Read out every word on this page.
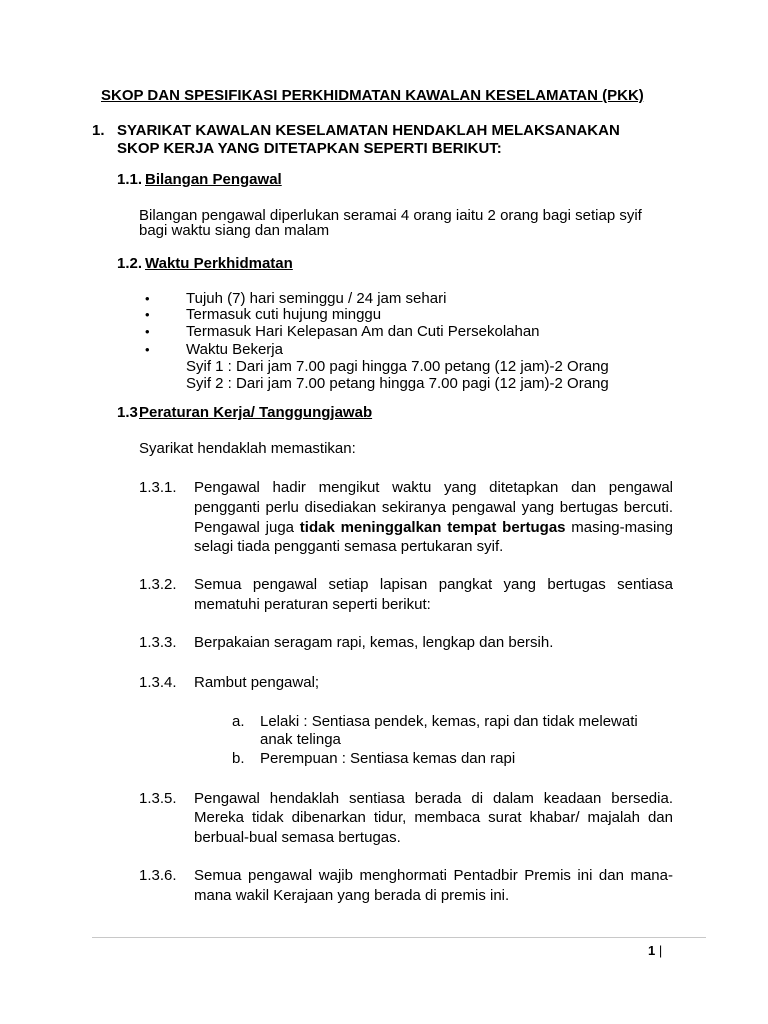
SKOP DAN SPESIFIKASI PERKHIDMATAN KAWALAN KESELAMATAN (PKK)
1. SYARIKAT KAWALAN KESELAMATAN HENDAKLAH MELAKSANAKAN
SKOP KERJA YANG DITETAPKAN SEPERTI BERIKUT:
1.1. Bilangan Pengawal
Bilangan pengawal diperlukan seramai 4 orang iaitu 2 orang bagi setiap syif
bagi waktu siang dan malam
1.2. Waktu Perkhidmatan
• Tujuh (7) hari seminggu / 24 jam sehari
• Termasuk cuti hujung minggu
• Termasuk Hari Kelepasan Am dan Cuti Persekolahan
• Waktu Bekerja
Syif 1 : Dari jam 7.00 pagi hingga 7.00 petang (12 jam)-2 Orang
Syif 2 : Dari jam 7.00 petang hingga 7.00 pagi (12 jam)-2 Orang
1.3 Peraturan Kerja/ Tanggungjawab
Syarikat hendaklah memastikan:
1.3.1. Pengawal hadir mengikut waktu yang ditetapkan dan pengawal
pengganti perlu disediakan sekiranya pengawal yang bertugas bercuti.
Pengawal juga tidak meninggalkan tempat bertugas masing-masing
selagi tiada pengganti semasa pertukaran syif.
1.3.2. Semua pengawal setiap lapisan pangkat yang bertugas sentiasa
mematuhi peraturan seperti berikut:
1.3.3. Berpakaian seragam rapi, kemas, lengkap dan bersih.
1.3.4. Rambut pengawal;
a. Lelaki : Sentiasa pendek, kemas, rapi dan tidak melewati
anak telinga
b. Perempuan : Sentiasa kemas dan rapi
1.3.5. Pengawal hendaklah sentiasa berada di dalam keadaan bersedia.
Mereka tidak dibenarkan tidur, membaca surat khabar/ majalah dan
berbual-bual semasa bertugas.
1.3.6. Semua pengawal wajib menghormati Pentadbir Premis ini dan mana-
mana wakil Kerajaan yang berada di premis ini.
1 |
